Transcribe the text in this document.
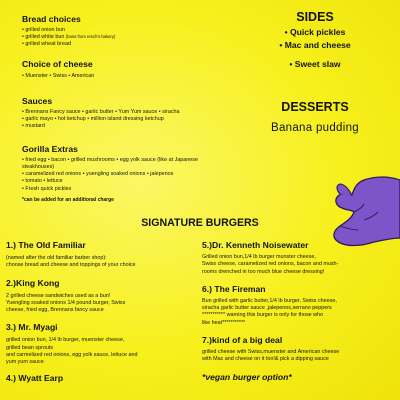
Bread choices
• grilled onion bun
• grilled white bun (buns from resch's bakery)
• grilled wheat bread
Choice of cheese
• Muenster • Swiss • American
Sauces
• Brennans Fancy sauce • garlic butter • Yum Yum sauce • siracha
• garlic mayo • hot ketchup • million island dressing ketchup
• mustard
Gorilla Extras
• fried egg • bacon • grilled mushrooms • egg yolk sauce (like at Japanese steakhouses)
• caramelized red onions • yuengling soaked onions • jalepenos
• tomato • lettuce
• Fresh quick pickles
*can be added for an additional charge
SIDES
• Quick pickles
• Mac and cheese
• Sweet slaw
DESSERTS
Banana pudding
SIGNATURE BURGERS
1.) The Old Familiar
(named after the old familiar barber shop):
choose bread and cheese and toppings of your choice
2.)King Kong
2 grilled cheese sandwiches used as a bun!
Yuengling soaked onions 1/4 pound burger, Swiss
cheese, fried egg, Brennans fancy sauce
3.) Mr. Myagi
grilled onion bun, 1/4 lb burger, muenster cheese,
grilled bean sprouts
and carmelized red onions, egg yolk sauce, lettuce and
yum yum sauce
4.) Wyatt Earp
5.)Dr. Kenneth Noisewater
Grilled onion bun,1/4 lb burger munster cheese,
Swiss cheese, caramelized red onions, bacon and mush-
rooms drenched in too much blue cheese dressing!
6.) The Fireman
Bun grilled with garlic butter,1/4 lb burger, Swiss cheese,
siracha garlic butter sauce ,jalepenos,serrano peppers
*********** warning this burger is only for those who
like heat***********
7.)kind of a big deal
grilled cheese with Swiss,muenster and American cheese
with Mac and cheese on it too!& pick a dipping sauce
*vegan burger option*
